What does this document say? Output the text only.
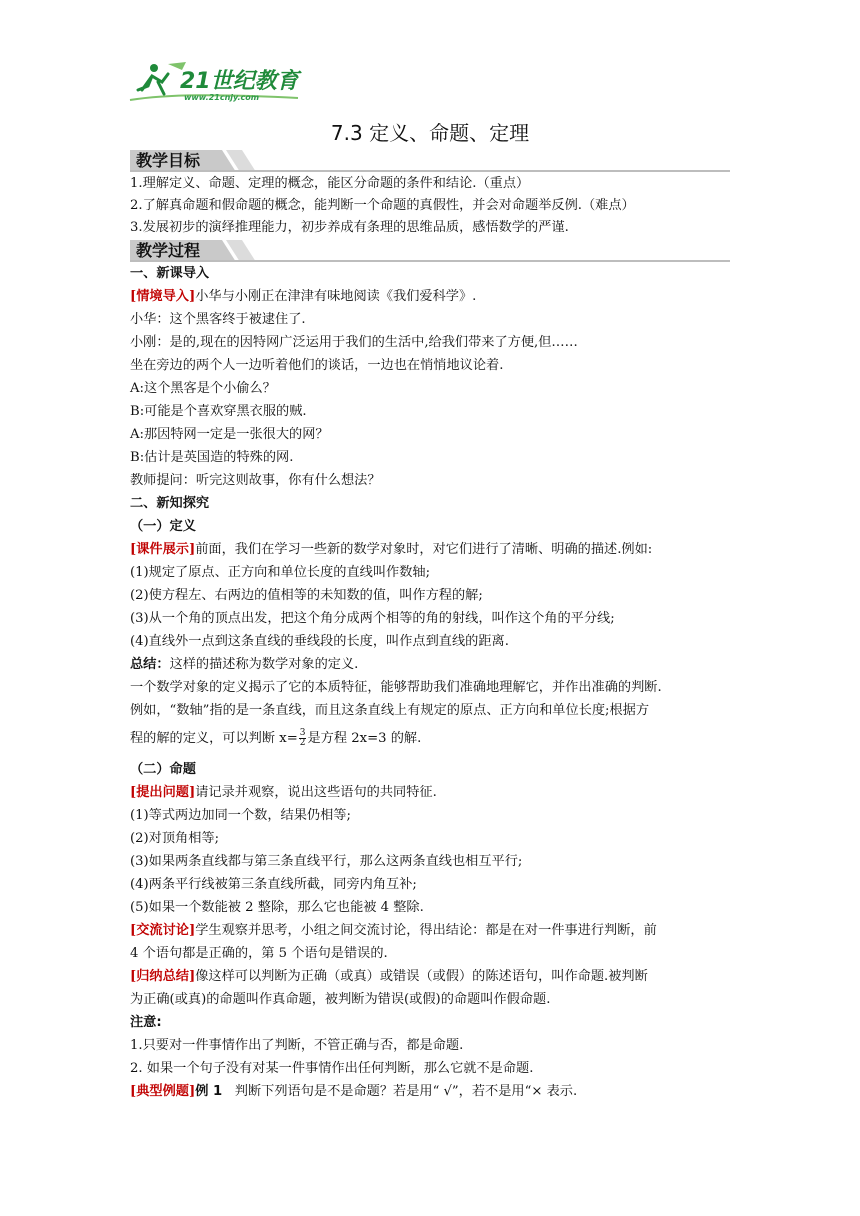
21世纪教育
www.21cnjy.com
7.3 定义、命题、定理
教学目标
1.理解定义、命题、定理的概念，能区分命题的条件和结论.（重点）
2.了解真命题和假命题的概念，能判断一个命题的真假性，并会对命题举反例.（难点）
3.发展初步的演绎推理能力，初步养成有条理的思维品质，感悟数学的严谨.
教学过程
一、新课导入
[情境导入]小华与小刚正在津津有味地阅读《我们爱科学》.
小华：这个黑客终于被逮住了.
小刚：是的,现在的因特网广泛运用于我们的生活中,给我们带来了方便,但……
坐在旁边的两个人一边听着他们的谈话，一边也在悄悄地议论着.
A:这个黑客是个小偷么？
B:可能是个喜欢穿黑衣服的贼.
A:那因特网一定是一张很大的网？
B:估计是英国造的特殊的网.
教师提问：听完这则故事，你有什么想法？
二、新知探究
（一）定义
[课件展示]前面，我们在学习一些新的数学对象时，对它们进行了清晰、明确的描述.例如:
(1)规定了原点、正方向和单位长度的直线叫作数轴;
(2)使方程左、右两边的值相等的未知数的值，叫作方程的解;
(3)从一个角的顶点出发，把这个角分成两个相等的角的射线，叫作这个角的平分线;
(4)直线外一点到这条直线的垂线段的长度，叫作点到直线的距离.
总结：这样的描述称为数学对象的定义.
一个数学对象的定义揭示了它的本质特征，能够帮助我们准确地理解它，并作出准确的判断.
例如，“数轴”指的是一条直线，而且这条直线上有规定的原点、正方向和单位长度;根据方
程的解的定义，可以判断 $x= \frac{3}{2}$ 是方程 2x=3 的解.
（二）命题
[提出问题]请记录并观察，说出这些语句的共同特征.
(1)等式两边加同一个数，结果仍相等;
(2)对顶角相等;
(3)如果两条直线都与第三条直线平行，那么这两条直线也相互平行;
(4)两条平行线被第三条直线所截，同旁内角互补;
(5)如果一个数能被 2 整除，那么它也能被 4 整除.
[交流讨论]学生观察并思考，小组之间交流讨论，得出结论：都是在对一件事进行判断，前
4 个语句都是正确的，第 5 个语句是错误的.
[归纳总结]像这样可以判断为正确（或真）或错误（或假）的陈述语句，叫作命题.被判断
为正确(或真)的命题叫作真命题，被判断为错误(或假)的命题叫作假命题.
注意:
1.只要对一件事情作出了判断，不管正确与否，都是命题.
2. 如果一个句子没有对某一件事情作出任何判断，那么它就不是命题.
[典型例题]例 1 判断下列语句是不是命题？若是用“ √”，若不是用“× 表示.
